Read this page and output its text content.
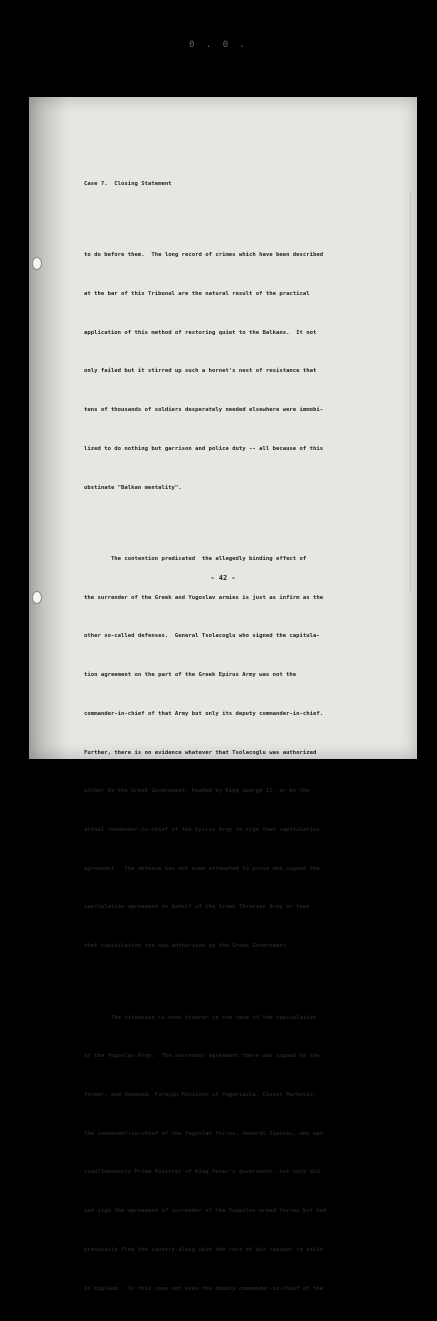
0 . 0 .

Case 7.  Closing Statement

to do before them.  The long record of crimes which have been described

at the bar of this Tribunal are the natural result of the practical

application of this method of restoring quiet to the Balkans.  It not

only failed but it stirred up such a hornet's nest of resistance that

tens of thousands of soldiers desperately needed elsewhere were immobi-

lized to do nothing but garrison and police duty -- all because of this

obstinate "Balkan mentality".

The contention predicated  the allegedly binding effect of

the surrender of the Greek and Yugoslav armies is just as infirm as the

other so-called defenses.  General Tsolacoglu who signed the capitula-

tion agreement on the part of the Greek Epirus Army was not the

commander-in-chief of that Army but only its deputy commander-in-chief.

Further, there is no evidence whatever that Tsolacoglu was authorized

either by the Greek Government, headed by King George II, or by the

actual commander-in-chief of the Epirus Army to sign that capitulation

agreement.  The defense has not even attempted to prove who signed the

capitulation agreement on behalf of the Greek Thracian Army or that

that capitulation too was authorized by the Greek Government.

The situation is even clearer in the case of the capitulation

of the Yugoslav Army.  The surrender agreement there was signed by the

former, and deposed, Foreign Minister of Yugoslavia, Cincar Markovic.

The commander-in-chief of the Yugoslav forces, General Simovic, who was

simultaneously Prime Minister of King Peter's government, not only did

not sign the agreement of surrender of the Yugoslav armed forces but had

previously fled the country along with the rest of his cabinet to exile

in England.  In this case not even the deputy commander-in-chief of the

- 42 -
